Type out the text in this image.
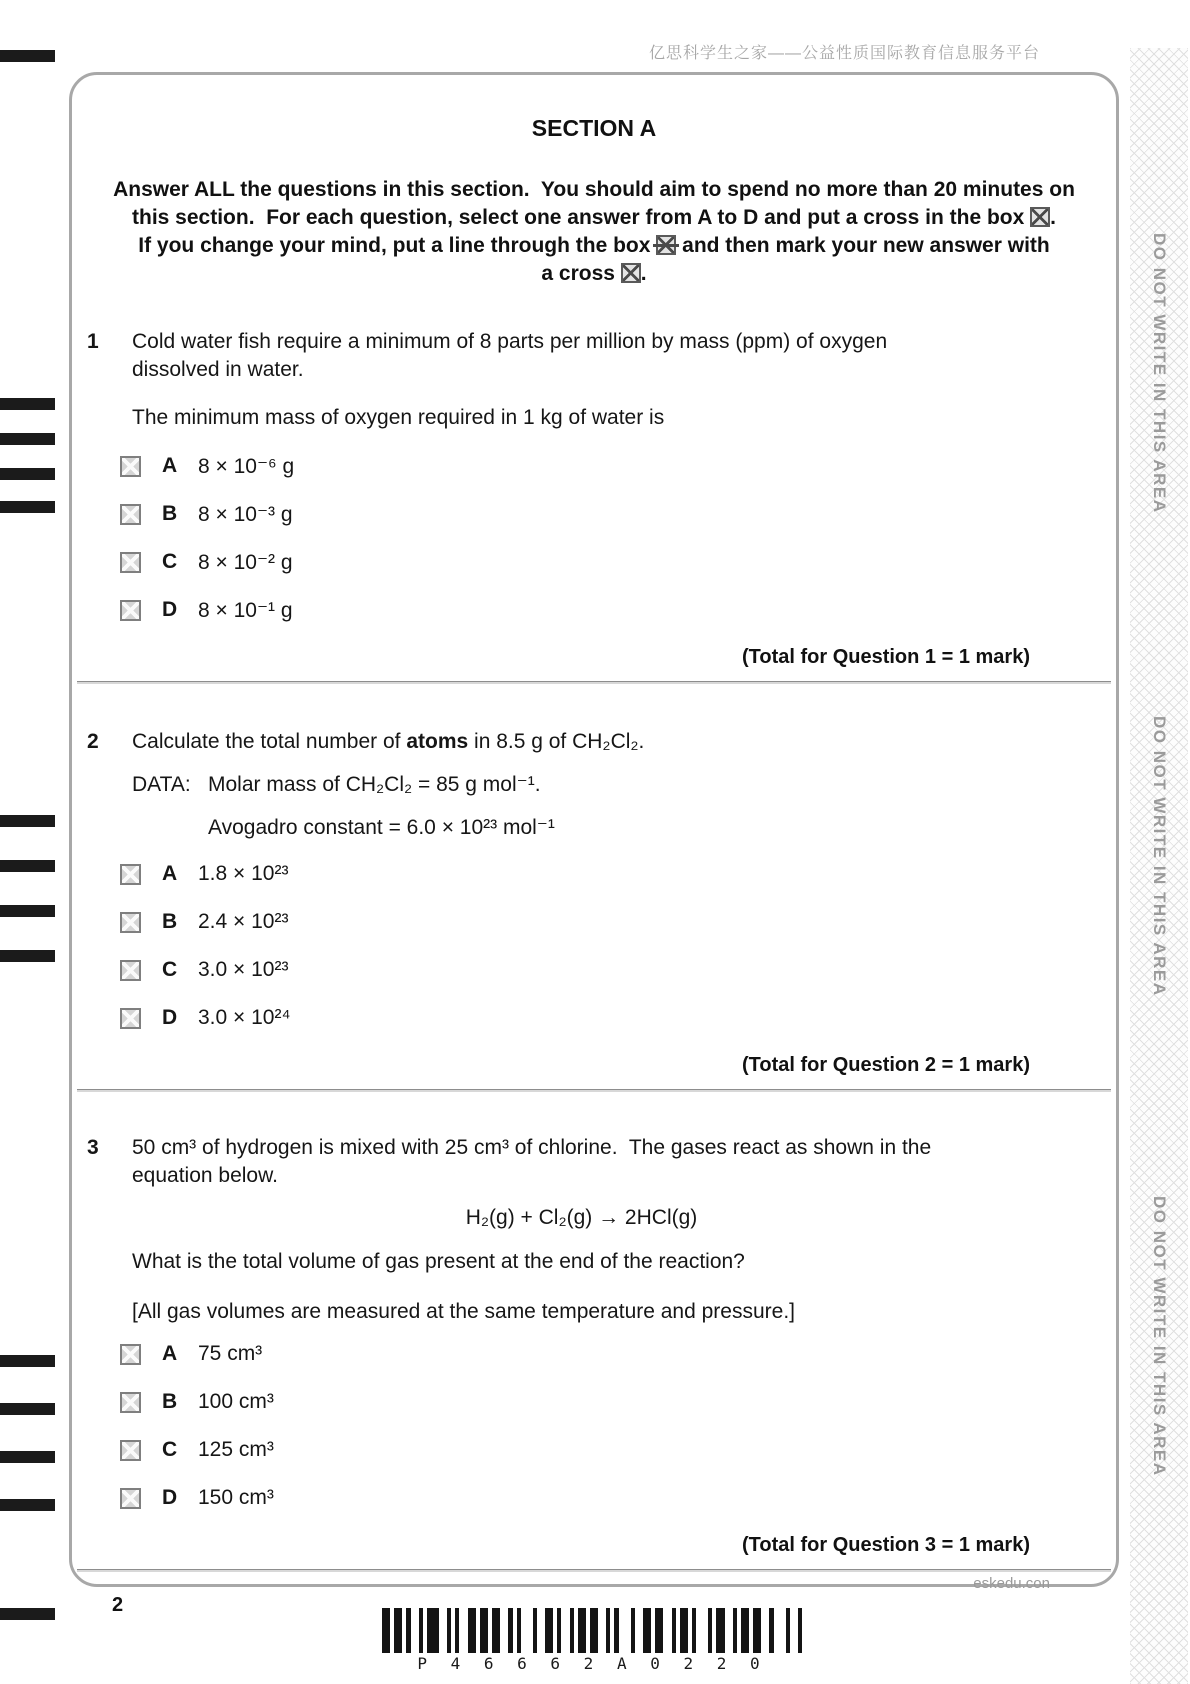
亿思科学生之家——公益性质国际教育信息服务平台
DO NOT WRITE IN THIS AREA
DO NOT WRITE IN THIS AREA
DO NOT WRITE IN THIS AREA
SECTION A

Answer ALL the questions in this section.  You should aim to spend no more than 20 minutes on

this section.  For each question, select one answer from A to D and put a cross in the box ☒.

If you change your mind, put a line through the box and then mark your new answer with

a cross ☒.

1	Cold water fish require a minimum of 8 parts per million by mass (ppm) of oxygen dissolved in water.

The minimum mass of oxygen required in 1 kg of water is

A 8 × 10⁻⁶ g
B 8 × 10⁻³ g
C 8 × 10⁻² g
D 8 × 10⁻¹ g
(Total for Question 1 = 1 mark)
2	Calculate the total number of atoms in 8.5 g of CH₂Cl₂.

DATA: Molar mass of CH₂Cl₂ = 85 g mol⁻¹.

Avogadro constant = 6.0 × 10²³ mol⁻¹

A 1.8 × 10²³
B 2.4 × 10²³
C 3.0 × 10²³
D 3.0 × 10²⁴
(Total for Question 2 = 1 mark)
3	50 cm³ of hydrogen is mixed with 25 cm³ of chlorine.  The gases react as shown in the equation below.

H₂(g) + Cl₂(g) → 2HCl(g)

What is the total volume of gas present at the end of the reaction?

[All gas volumes are measured at the same temperature and pressure.]

A 75 cm³
B 100 cm³
C 125 cm³
D 150 cm³
(Total for Question 3 = 1 mark)
eskedu.con
2
P 4 6 6 6 2 A 0 2 2 0
